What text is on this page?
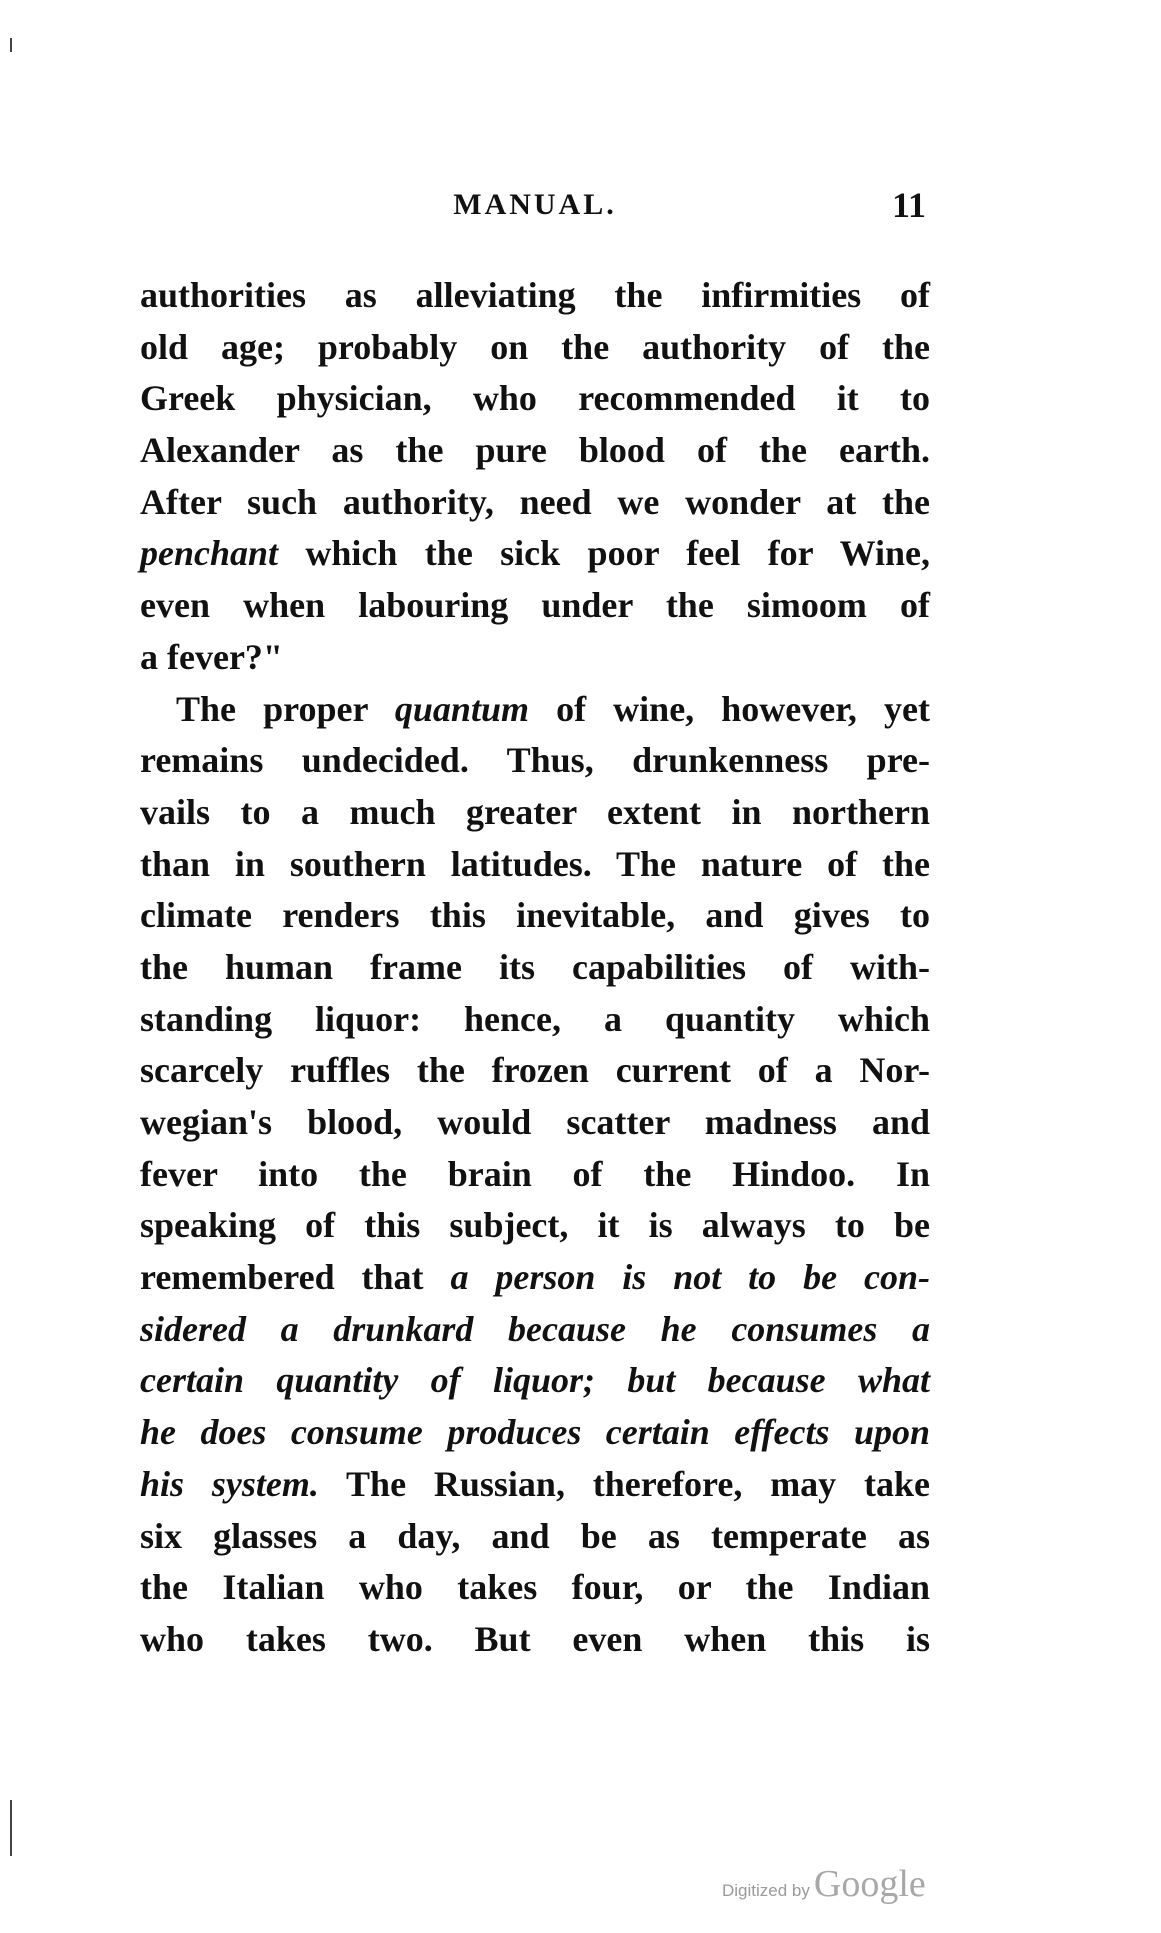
MANUAL.	11
authorities as alleviating the infirmities of
old age; probably on the authority of the
Greek physician, who recommended it to
Alexander as the pure blood of the earth.
After such authority, need we wonder at the
penchant which the sick poor feel for Wine,
even when labouring under the simoom of
a fever?"
The proper quantum of wine, however, yet
remains undecided. Thus, drunkenness pre-
vails to a much greater extent in northern
than in southern latitudes. The nature of the
climate renders this inevitable, and gives to
the human frame its capabilities of with-
standing liquor: hence, a quantity which
scarcely ruffles the frozen current of a Nor-
wegian's blood, would scatter madness and
fever into the brain of the Hindoo. In
speaking of this subject, it is always to be
remembered that a person is not to be con-
sidered a drunkard because he consumes a
certain quantity of liquor; but because what
he does consume produces certain effects upon
his system. The Russian, therefore, may take
six glasses a day, and be as temperate as
the Italian who takes four, or the Indian
who takes two. But even when this is
Digitized by Google
